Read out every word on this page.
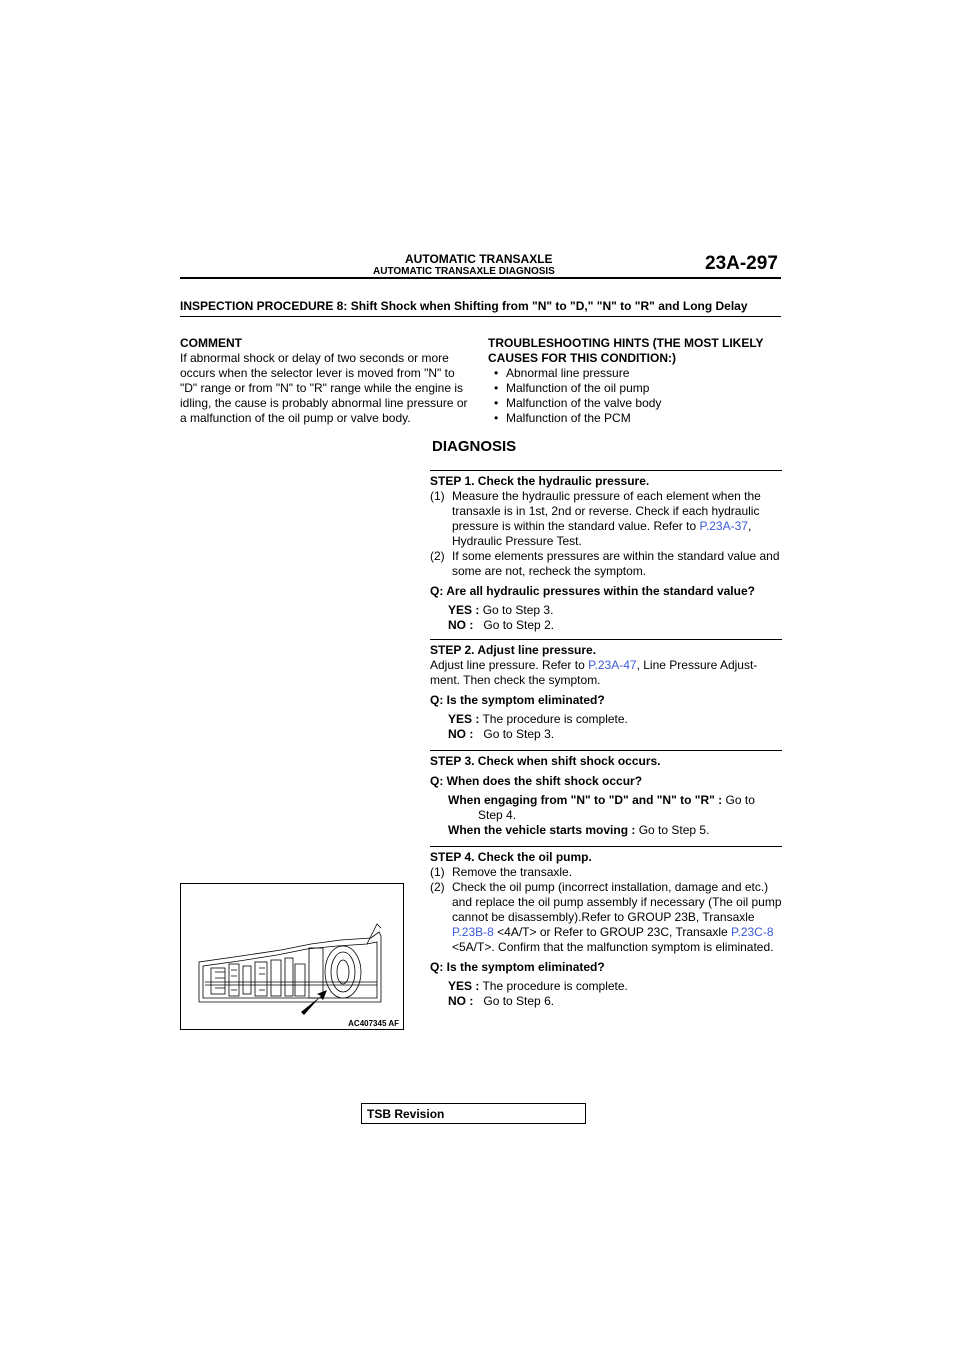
AUTOMATIC TRANSAXLE
AUTOMATIC TRANSAXLE DIAGNOSIS	23A-297
INSPECTION PROCEDURE 8: Shift Shock when Shifting from "N" to "D," "N" to "R" and Long Delay
COMMENT
If abnormal shock or delay of two seconds or more occurs when the selector lever is moved from "N" to "D" range or from "N" to "R" range while the engine is idling, the cause is probably abnormal line pressure or a malfunction of the oil pump or valve body.
TROUBLESHOOTING HINTS (THE MOST LIKELY CAUSES FOR THIS CONDITION:)
• Abnormal line pressure
• Malfunction of the oil pump
• Malfunction of the valve body
• Malfunction of the PCM
DIAGNOSIS

STEP 1. Check the hydraulic pressure.

(1) Measure the hydraulic pressure of each element when the transaxle is in 1st, 2nd or reverse. Check if each hydraulic pressure is within the standard value. Refer to P.23A-37, Hydraulic Pressure Test.
(2) If some elements pressures are within the standard value and some are not, recheck the symptom.

Q: Are all hydraulic pressures within the standard value?

YES : Go to Step 3.
NO : Go to Step 2.

STEP 2. Adjust line pressure.

Adjust line pressure. Refer to P.23A-47, Line Pressure Adjust-ment. Then check the symptom.

Q: Is the symptom eliminated?

YES : The procedure is complete.
NO : Go to Step 3.

STEP 3. Check when shift shock occurs.

Q: When does the shift shock occur?

When engaging from "N" to "D" and "N" to "R" : Go to Step 4.
When the vehicle starts moving : Go to Step 5.

STEP 4. Check the oil pump.

(1) Remove the transaxle.
(2) Check the oil pump (incorrect installation, damage and etc.) and replace the oil pump assembly if necessary (The oil pump cannot be disassembly).Refer to GROUP 23B, Transaxle P.23B-8 <4A/T> or Refer to GROUP 23C, Transaxle P.23C-8 <5A/T>. Confirm that the malfunction symptom is eliminated.

Q: Is the symptom eliminated?

YES : The procedure is complete.
NO : Go to Step 6.
AC407345 AF
TSB Revision
